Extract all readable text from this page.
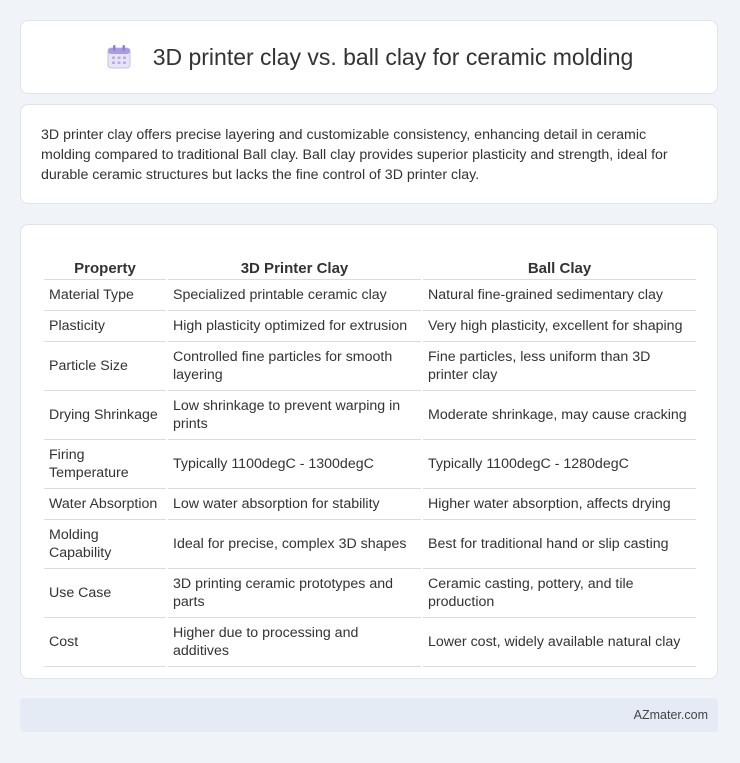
3D printer clay vs. ball clay for ceramic molding

3D printer clay offers precise layering and customizable consistency, enhancing detail in ceramic molding compared to traditional Ball clay. Ball clay provides superior plasticity and strength, ideal for durable ceramic structures but lacks the fine control of 3D printer clay.

Property	3D Printer Clay	Ball Clay
Material Type	Specialized printable ceramic clay	Natural fine-grained sedimentary clay
Plasticity	High plasticity optimized for extrusion	Very high plasticity, excellent for shaping
Particle Size	Controlled fine particles for smooth layering	Fine particles, less uniform than 3D printer clay
Drying Shrinkage	Low shrinkage to prevent warping in prints	Moderate shrinkage, may cause cracking
Firing Temperature	Typically 1100degC - 1300degC	Typically 1100degC - 1280degC
Water Absorption	Low water absorption for stability	Higher water absorption, affects drying
Molding Capability	Ideal for precise, complex 3D shapes	Best for traditional hand or slip casting
Use Case	3D printing ceramic prototypes and parts	Ceramic casting, pottery, and tile production
Cost	Higher due to processing and additives	Lower cost, widely available natural clay
AZmater.com
